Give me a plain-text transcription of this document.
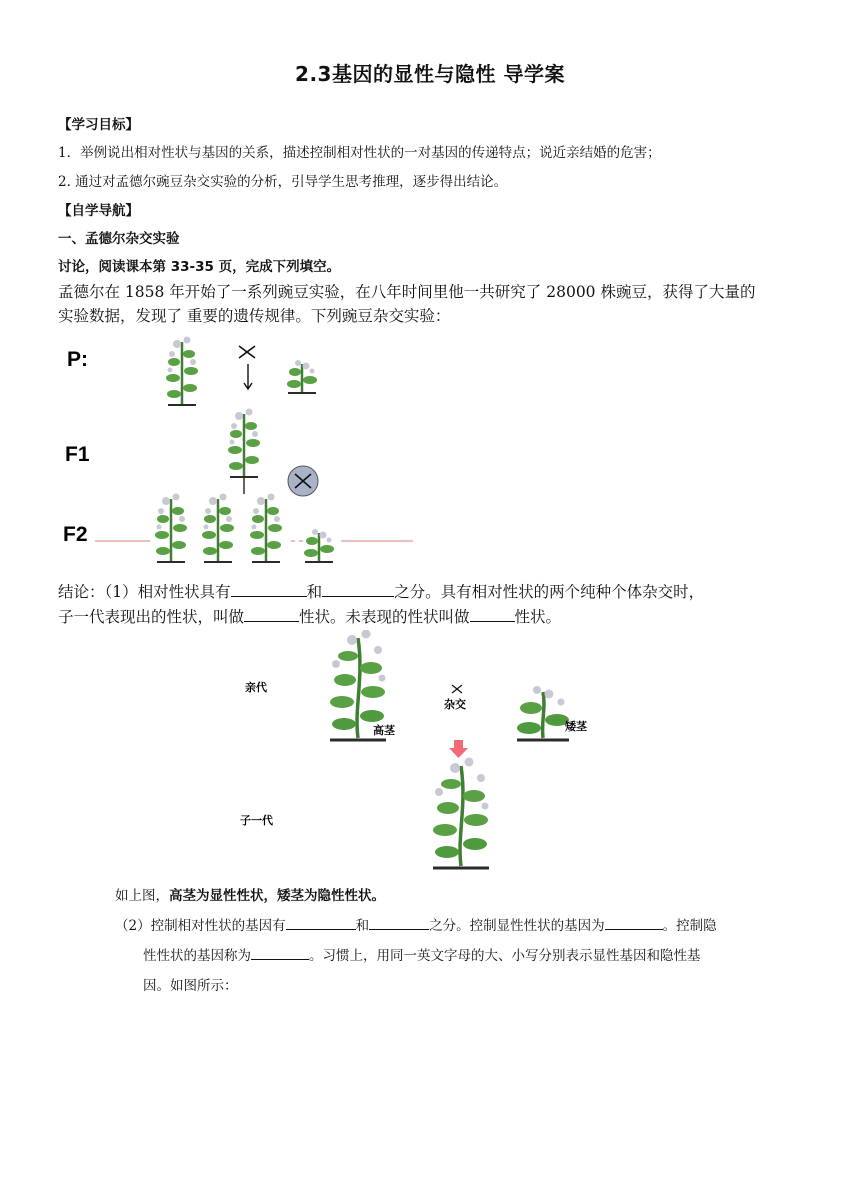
2.3基因的显性与隐性 导学案
【学习目标】
1．举例说出相对性状与基因的关系，描述控制相对性状的一对基因的传递特点；说近亲结婚的危害；
2. 通过对孟德尔豌豆杂交实验的分析，引导学生思考推理，逐步得出结论。
【自学导航】
一、孟德尔杂交实验
讨论，阅读课本第 33-35 页，完成下列填空。
孟德尔在 1858 年开始了一系列豌豆实验，在八年时间里他一共研究了 28000 株豌豆，获得了大量的
实验数据，发现了 重要的遗传规律。下列豌豆杂交实验：
P:
F1
F2
结论：（1）相对性状具有	和	之分。具有相对性状的两个纯种个体杂交时，
子一代表现出的性状，叫做	性状。未表现的性状叫做	性状。
亲代
高茎
杂交
矮茎
子一代
如上图，高茎为显性性状，矮茎为隐性性状。
（2）控制相对性状的基因有	和	之分。控制显性性状的基因为	。控制隐
性性状的基因称为	。习惯上，用同一英文字母的大、小写分别表示显性基因和隐性基
因。如图所示：
